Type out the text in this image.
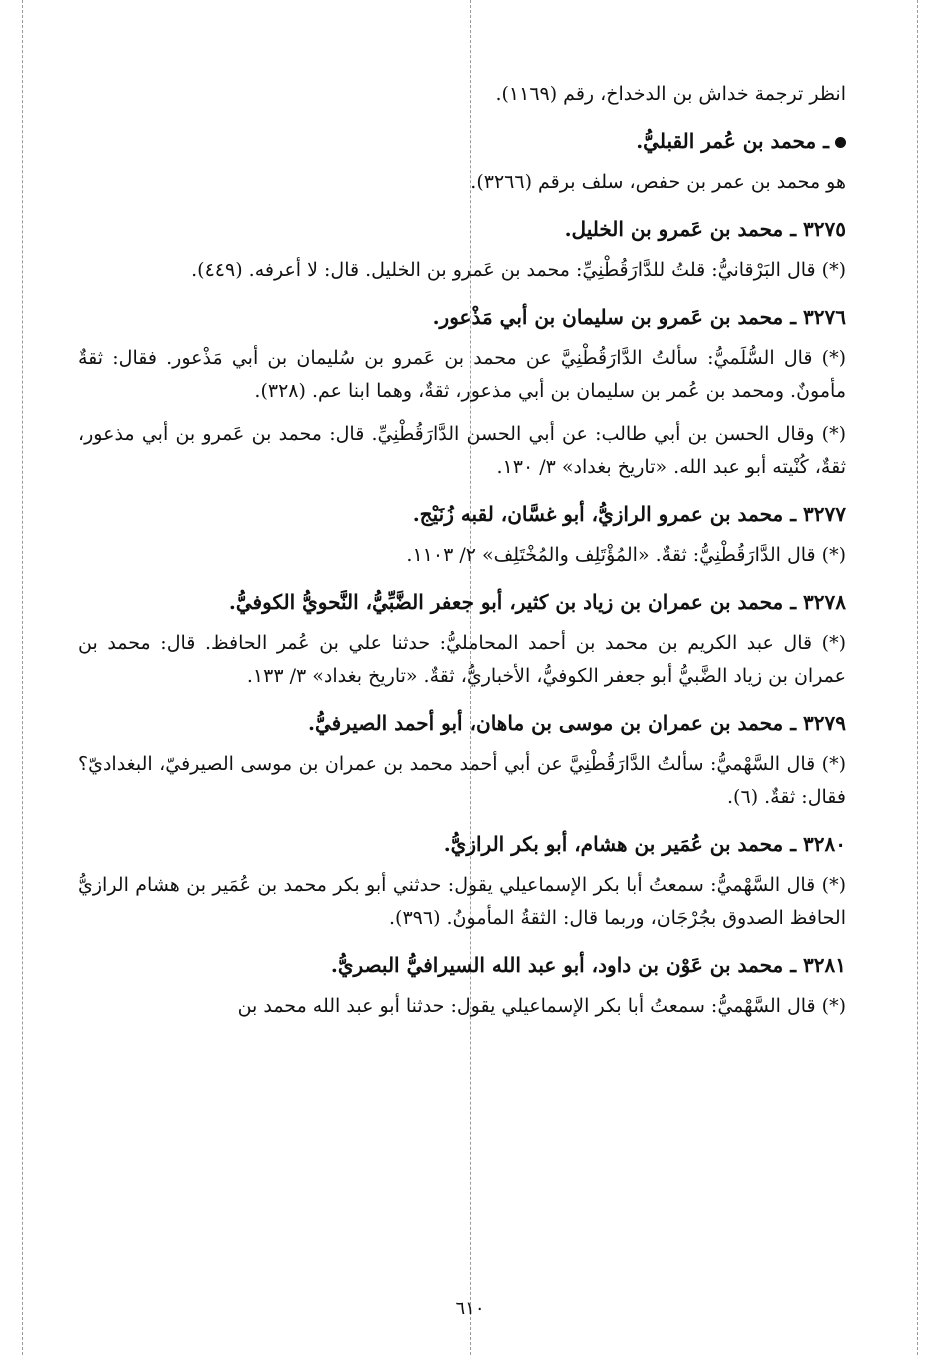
انظر ترجمة خداش بن الدخداخ، رقم (١١٦٩).

ـ محمد بن عُمر القبليُّ.

هو محمد بن عمر بن حفص، سلف برقم (٣٢٦٦).

٣٢٧٥ ـ محمد بن عَمرو بن الخليل.

(*) قال البَرْقانيُّ: قلتُ للدَّارَقُطْنِيِّ: محمد بن عَمرو بن الخليل. قال: لا أعرفه. (٤٤٩).

٣٢٧٦ ـ محمد بن عَمرو بن سليمان بن أبي مَذْعور.

(*) قال السُّلَميُّ: سألتُ الدَّارَقُطْنِيَّ عن محمد بن عَمرو بن سُليمان بن أبي مَذْعور. فقال: ثقةٌ مأمونٌ. ومحمد بن عُمر بن سليمان بن أبي مذعور، ثقةٌ، وهما ابنا عم. (٣٢٨).

(*) وقال الحسن بن أبي طالب: عن أبي الحسن الدَّارَقُطْنِيِّ. قال: محمد بن عَمرو بن أبي مذعور، ثقةٌ، كُنْيته أبو عبد الله. «تاريخ بغداد» ٣/ ١٣٠.

٣٢٧٧ ـ محمد بن عمرو الرازيُّ، أبو غسَّان، لقبه زُنَيْج.

(*) قال الدَّارَقُطْنِيُّ: ثقةٌ. «المُؤْتَلِف والمُخْتَلِف» ٢/ ١١٠٣.

٣٢٧٨ ـ محمد بن عمران بن زياد بن كثير، أبو جعفر الضَّبِّيُّ، النَّحويُّ الكوفيُّ.

(*) قال عبد الكريم بن محمد بن أحمد المحامليُّ: حدثنا علي بن عُمر الحافظ. قال: محمد بن عمران بن زياد الضَّبيُّ أبو جعفر الكوفيُّ، الأخباريُّ، ثقةٌ. «تاريخ بغداد» ٣/ ١٣٣.

٣٢٧٩ ـ محمد بن عمران بن موسى بن ماهان، أبو أحمد الصيرفيُّ.

(*) قال السَّهْميُّ: سألتُ الدَّارَقُطْنِيَّ عن أبي أحمد محمد بن عمران بن موسى الصيرفيّ، البغداديّ؟ فقال: ثقةٌ. (٦).

٣٢٨٠ ـ محمد بن عُمَير بن هشام، أبو بكر الرازيُّ.

(*) قال السَّهْميُّ: سمعتُ أبا بكر الإسماعيلي يقول: حدثني أبو بكر محمد بن عُمَير بن هشام الرازيُّ الحافظ الصدوق بجُرْجَان، وربما قال: الثقةُ المأمونُ. (٣٩٦).

٣٢٨١ ـ محمد بن عَوْن بن داود، أبو عبد الله السيرافيُّ البصريُّ.

(*) قال السَّهْميُّ: سمعتُ أبا بكر الإسماعيلي يقول: حدثنا أبو عبد الله محمد بن

٦١٠
